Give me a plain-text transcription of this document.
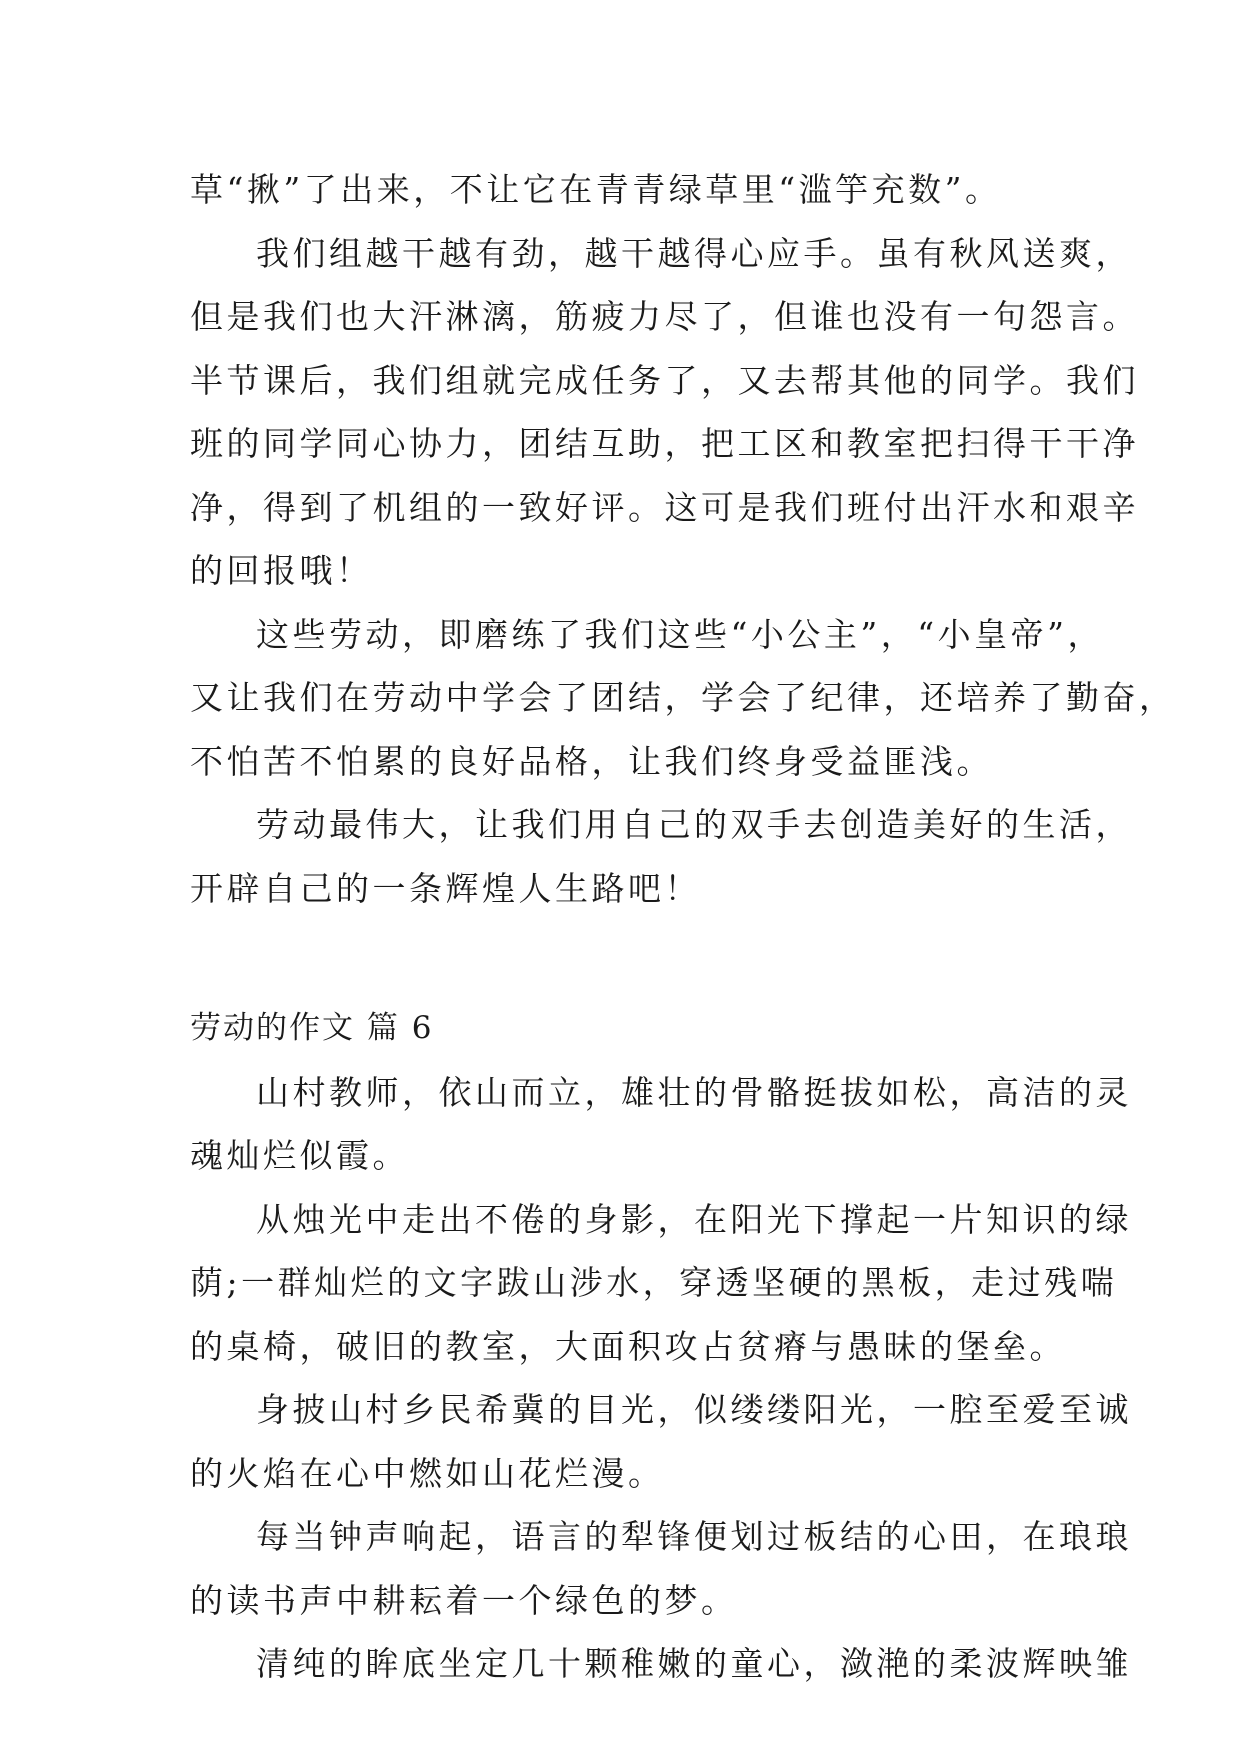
草“揪”了出来，不让它在青青绿草里“滥竽充数”。
我们组越干越有劲，越干越得心应手。虽有秋风送爽，
但是我们也大汗淋漓，筋疲力尽了，但谁也没有一句怨言。
半节课后，我们组就完成任务了，又去帮其他的同学。我们
班的同学同心协力，团结互助，把工区和教室把扫得干干净
净，得到了机组的一致好评。这可是我们班付出汗水和艰辛
的回报哦！
这些劳动，即磨练了我们这些“小公主”，“小皇帝”，
又让我们在劳动中学会了团结，学会了纪律，还培养了勤奋，
不怕苦不怕累的良好品格，让我们终身受益匪浅。
劳动最伟大，让我们用自己的双手去创造美好的生活，
开辟自己的一条辉煌人生路吧！
劳动的作文 篇 6
山村教师，依山而立，雄壮的骨骼挺拔如松，高洁的灵
魂灿烂似霞。
从烛光中走出不倦的身影，在阳光下撑起一片知识的绿
荫;一群灿烂的文字跋山涉水，穿透坚硬的黑板，走过残喘
的桌椅，破旧的教室，大面积攻占贫瘠与愚昧的堡垒。
身披山村乡民希冀的目光，似缕缕阳光，一腔至爱至诚
的火焰在心中燃如山花烂漫。
每当钟声响起，语言的犁锋便划过板结的心田，在琅琅
的读书声中耕耘着一个绿色的梦。
清纯的眸底坐定几十颗稚嫩的童心，潋滟的柔波辉映雏
